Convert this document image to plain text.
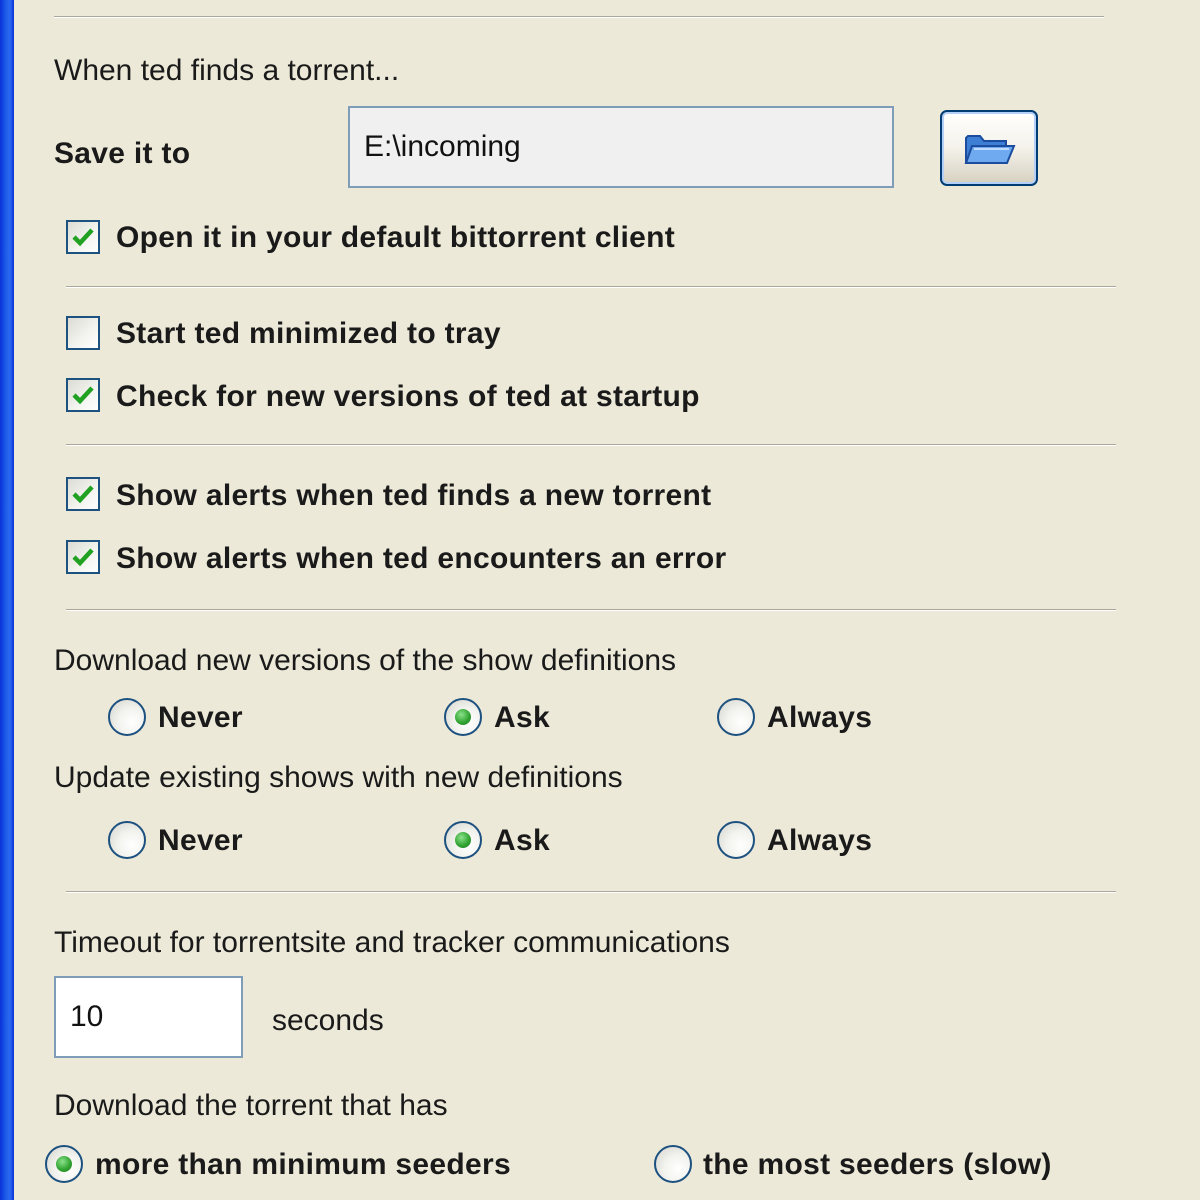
When ted finds a torrent...
Save it to
E:\incoming
Open it in your default bittorrent client
Start ted minimized to tray
Check for new versions of ted at startup
Show alerts when ted finds a new torrent
Show alerts when ted encounters an error
Download new versions of the show definitions
Never	Ask	Always
Update existing shows with new definitions
Never	Ask	Always
Timeout for torrentsite and tracker communications
10
seconds
Download the torrent that has
more than minimum seeders	the most seeders (slow)
